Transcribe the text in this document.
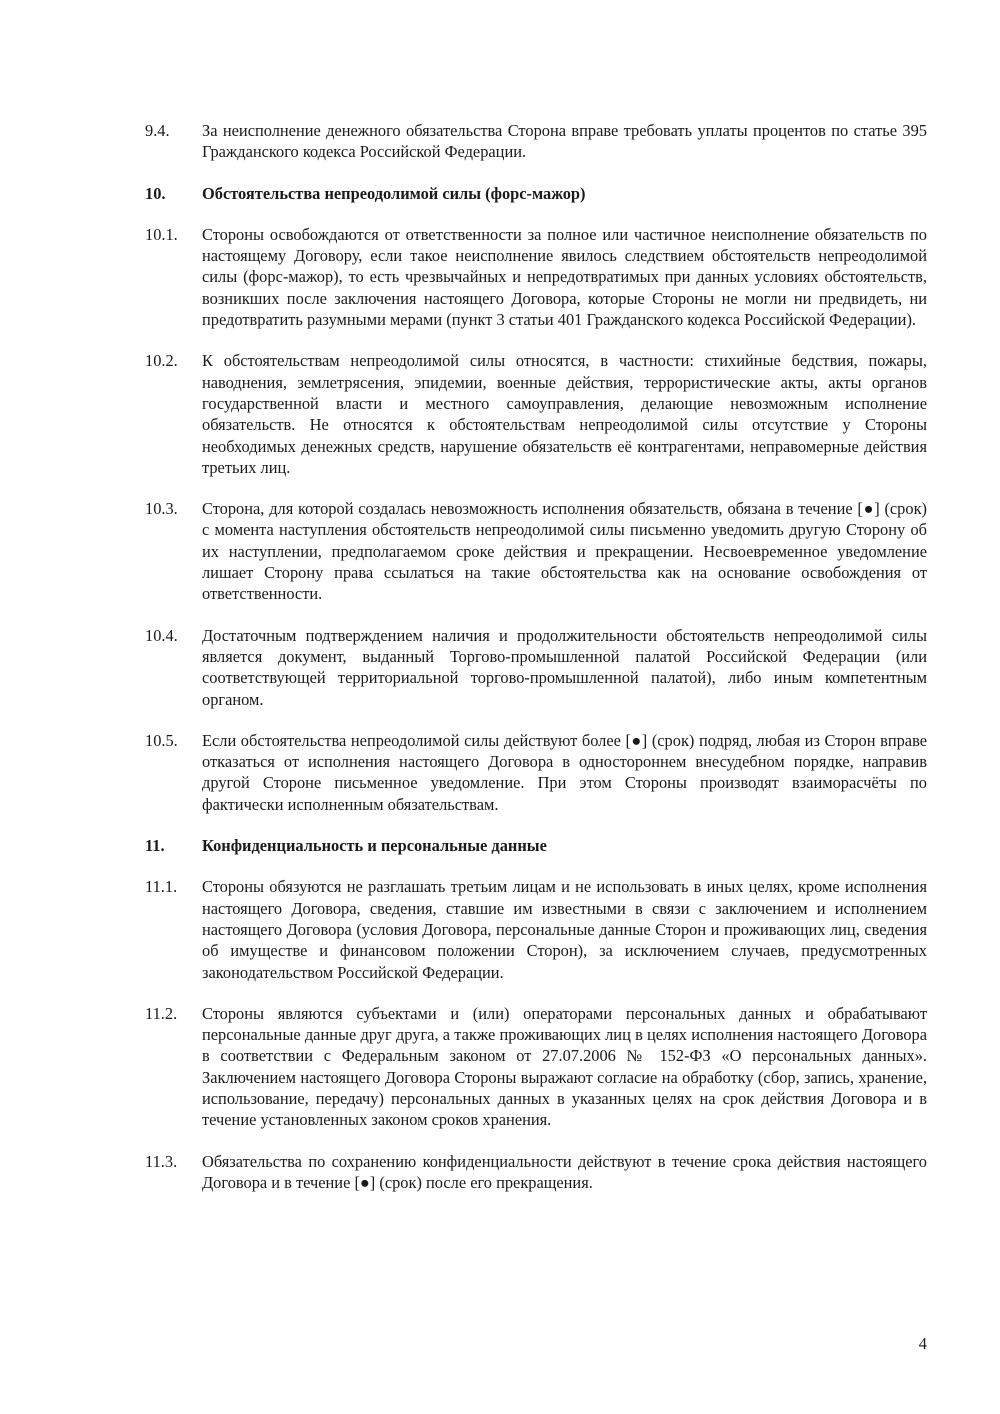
9.4.	За неисполнение денежного обязательства Сторона вправе требовать уплаты процентов по статье 395 Гражданского кодекса Российской Федерации.
10.	Обстоятельства непреодолимой силы (форс-мажор)
10.1.	Стороны освобождаются от ответственности за полное или частичное неисполнение обязательств по настоящему Договору, если такое неисполнение явилось следствием обстоятельств непреодолимой силы (форс-мажор), то есть чрезвычайных и непредотвратимых при данных условиях обстоятельств, возникших после заключения настоящего Договора, которые Стороны не могли ни предвидеть, ни предотвратить разумными мерами (пункт 3 статьи 401 Гражданского кодекса Российской Федерации).
10.2.	К обстоятельствам непреодолимой силы относятся, в частности: стихийные бедствия, пожары, наводнения, землетрясения, эпидемии, военные действия, террористические акты, акты органов государственной власти и местного самоуправления, делающие невозможным исполнение обязательств. Не относятся к обстоятельствам непреодолимой силы отсутствие у Стороны необходимых денежных средств, нарушение обязательств её контрагентами, неправомерные действия третьих лиц.
10.3.	Сторона, для которой создалась невозможность исполнения обязательств, обязана в течение [●] (срок) с момента наступления обстоятельств непреодолимой силы письменно уведомить другую Сторону об их наступлении, предполагаемом сроке действия и прекращении. Несвоевременное уведомление лишает Сторону права ссылаться на такие обстоятельства как на основание освобождения от ответственности.
10.4.	Достаточным подтверждением наличия и продолжительности обстоятельств непреодолимой силы является документ, выданный Торгово-промышленной палатой Российской Федерации (или соответствующей территориальной торгово-промышленной палатой), либо иным компетентным органом.
10.5.	Если обстоятельства непреодолимой силы действуют более [●] (срок) подряд, любая из Сторон вправе отказаться от исполнения настоящего Договора в одностороннем внесудебном порядке, направив другой Стороне письменное уведомление. При этом Стороны производят взаиморасчёты по фактически исполненным обязательствам.
11.	Конфиденциальность и персональные данные
11.1.	Стороны обязуются не разглашать третьим лицам и не использовать в иных целях, кроме исполнения настоящего Договора, сведения, ставшие им известными в связи с заключением и исполнением настоящего Договора (условия Договора, персональные данные Сторон и проживающих лиц, сведения об имуществе и финансовом положении Сторон), за исключением случаев, предусмотренных законодательством Российской Федерации.
11.2.	Стороны являются субъектами и (или) операторами персональных данных и обрабатывают персональные данные друг друга, а также проживающих лиц в целях исполнения настоящего Договора в соответствии с Федеральным законом от 27.07.2006 № 152-ФЗ «О персональных данных». Заключением настоящего Договора Стороны выражают согласие на обработку (сбор, запись, хранение, использование, передачу) персональных данных в указанных целях на срок действия Договора и в течение установленных законом сроков хранения.
11.3.	Обязательства по сохранению конфиденциальности действуют в течение срока действия настоящего Договора и в течение [●] (срок) после его прекращения.
4
